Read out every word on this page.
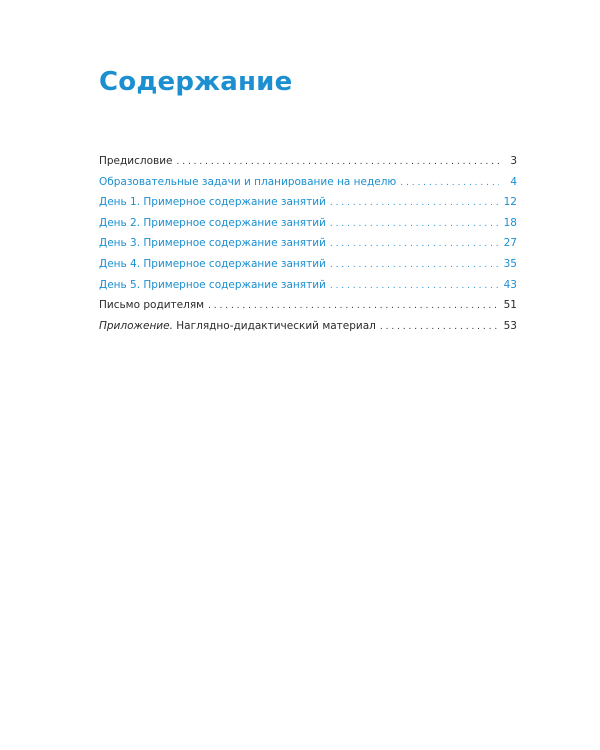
Содержание
Предисловие . . .	3
Образовательные задачи и планирование на неделю . . .	4
День 1. Примерное содержание занятий . . .	12
День 2. Примерное содержание занятий . . .	18
День 3. Примерное содержание занятий . . .	27
День 4. Примерное содержание занятий . . .	35
День 5. Примерное содержание занятий . . .	43
Письмо родителям . . .	51
Приложение. Наглядно-дидактический материал . . .	53
